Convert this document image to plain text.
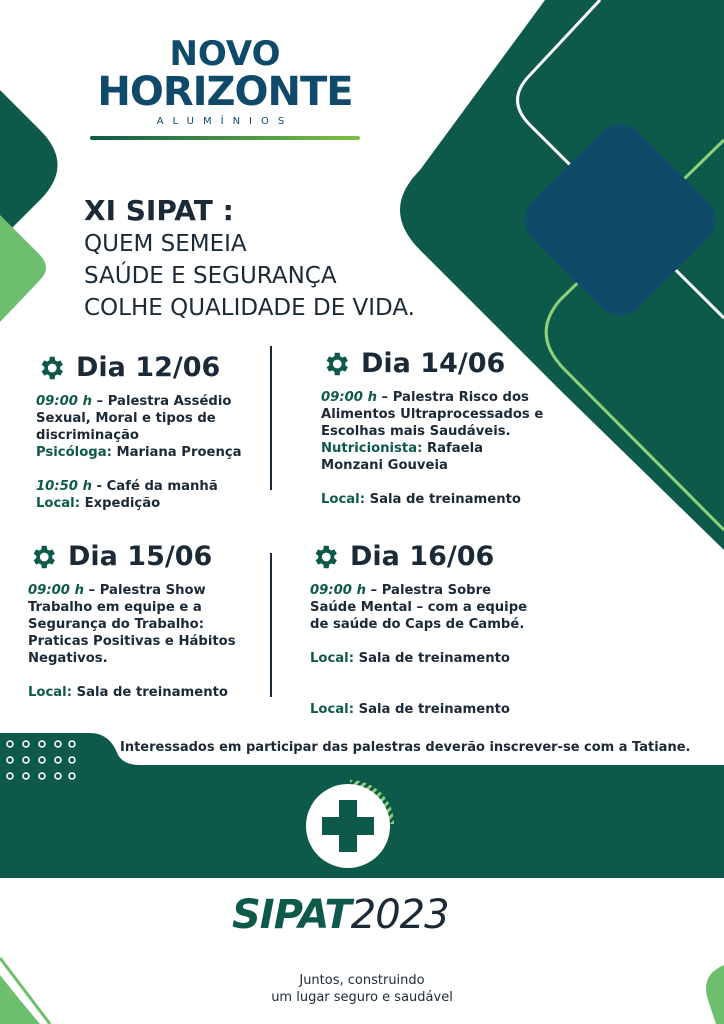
NOVO
HORIZONTE
ALUMÍNIOS
XI SIPAT :
QUEM SEMEIA
SAÚDE E SEGURANÇA
COLHE QUALIDADE DE VIDA.
Dia 12/06
09:00 h – Palestra Assédio Sexual, Moral e tipos de discriminação
Psicóloga: Mariana Proença
10:50 h - Café da manhã
Local: Expedição
Dia 14/06
09:00 h – Palestra Risco dos Alimentos Ultraprocessados e Escolhas mais Saudáveis.
Nutricionista: Rafaela Monzani Gouveia
Local: Sala de treinamento
Dia 15/06
09:00 h – Palestra Show Trabalho em equipe e a Segurança do Trabalho: Praticas Positivas e Hábitos Negativos.
Local: Sala de treinamento
Dia 16/06
09:00 h – Palestra Sobre Saúde Mental – com a equipe de saúde do Caps de Cambé.
Local: Sala de treinamento
Local: Sala de treinamento
Interessados em participar das palestras deverão inscrever-se com a Tatiane.
SIPAT2023
Juntos, construindo
um lugar seguro e saudável
